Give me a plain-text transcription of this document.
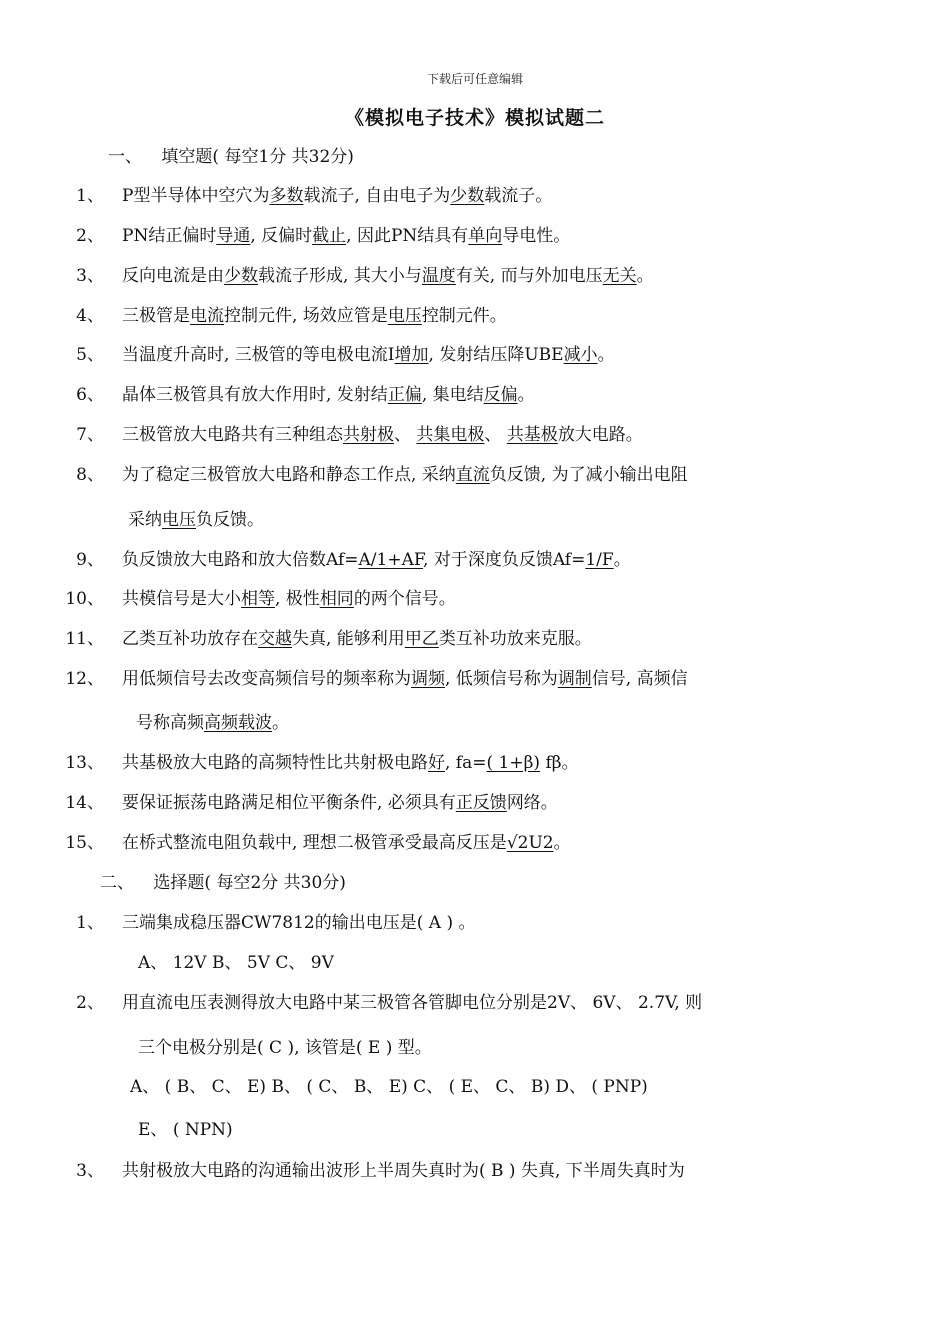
下载后可任意编辑
《模拟电子技术》模拟试题二
一、 填空题( 每空1分 共32分)
1、 P型半导体中空穴为多数载流子, 自由电子为少数载流子。
2、 PN结正偏时导通, 反偏时截止, 因此PN结具有单向导电性。
3、 反向电流是由少数载流子形成, 其大小与温度有关, 而与外加电压无关。
4、 三极管是电流控制元件, 场效应管是电压控制元件。
5、 当温度升高时, 三极管的等电极电流I增加, 发射结压降UBE减小。
6、 晶体三极管具有放大作用时, 发射结正偏, 集电结反偏。
7、 三极管放大电路共有三种组态共射极、 共集电极、 共基极放大电路。
8、 为了稳定三极管放大电路和静态工作点, 采纳直流负反馈, 为了减小输出电阻
采纳电压负反馈。
9、 负反馈放大电路和放大倍数Af=A/1+AF, 对于深度负反馈Af=1/F。
10、 共模信号是大小相等, 极性相同的两个信号。
11、 乙类互补功放存在交越失真, 能够利用甲乙类互补功放来克服。
12、 用低频信号去改变高频信号的频率称为调频, 低频信号称为调制信号, 高频信
号称高频高频载波。
13、 共基极放大电路的高频特性比共射极电路好, fa=( 1+β) fβ。
14、 要保证振荡电路满足相位平衡条件, 必须具有正反馈网络。
15、 在桥式整流电阻负载中, 理想二极管承受最高反压是√2U2。
二、 选择题( 每空2分 共30分)
1、 三端集成稳压器CW7812的输出电压是( A ) 。
A、 12V B、 5V C、 9V
2、 用直流电压表测得放大电路中某三极管各管脚电位分别是2V、 6V、 2.7V, 则
三个电极分别是( C ), 该管是( E ) 型。
A、 ( B、 C、 E) B、 ( C、 B、 E) C、 ( E、 C、 B) D、 ( PNP)
E、 ( NPN)
3、 共射极放大电路的沟通输出波形上半周失真时为( B ) 失真, 下半周失真时为
